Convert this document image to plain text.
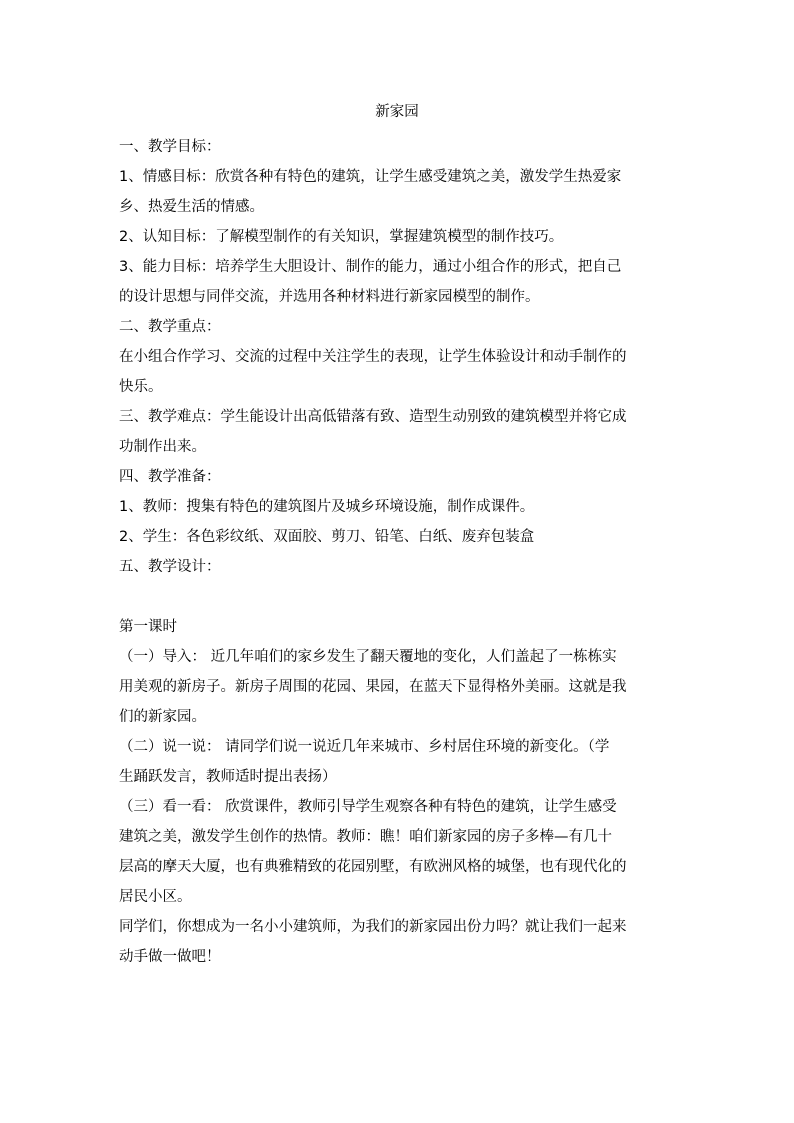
新家园
一、教学目标：
1、情感目标：欣赏各种有特色的建筑，让学生感受建筑之美，激发学生热爱家
乡、热爱生活的情感。
2、认知目标：了解模型制作的有关知识，掌握建筑模型的制作技巧。
3、能力目标：培养学生大胆设计、制作的能力，通过小组合作的形式，把自己
的设计思想与同伴交流，并选用各种材料进行新家园模型的制作。
二、教学重点：
在小组合作学习、交流的过程中关注学生的表现，让学生体验设计和动手制作的
快乐。
三、教学难点：学生能设计出高低错落有致、造型生动别致的建筑模型并将它成
功制作出来。
四、教学准备：
1、教师：搜集有特色的建筑图片及城乡环境设施，制作成课件。
2、学生：各色彩纹纸、双面胶、剪刀、铅笔、白纸、废弃包装盒
五、教学设计：
第一课时
（一）导入： 近几年咱们的家乡发生了翻天覆地的变化，人们盖起了一栋栋实
用美观的新房子。新房子周围的花园、果园，在蓝天下显得格外美丽。这就是我
们的新家园。
（二）说一说： 请同学们说一说近几年来城市、乡村居住环境的新变化。（学
生踊跃发言，教师适时提出表扬）
（三）看一看： 欣赏课件，教师引导学生观察各种有特色的建筑，让学生感受
建筑之美，激发学生创作的热情。教师：瞧！咱们新家园的房子多棒—有几十
层高的摩天大厦，也有典雅精致的花园别墅，有欧洲风格的城堡，也有现代化的
居民小区。
同学们，你想成为一名小小建筑师，为我们的新家园出份力吗？就让我们一起来
动手做一做吧！
